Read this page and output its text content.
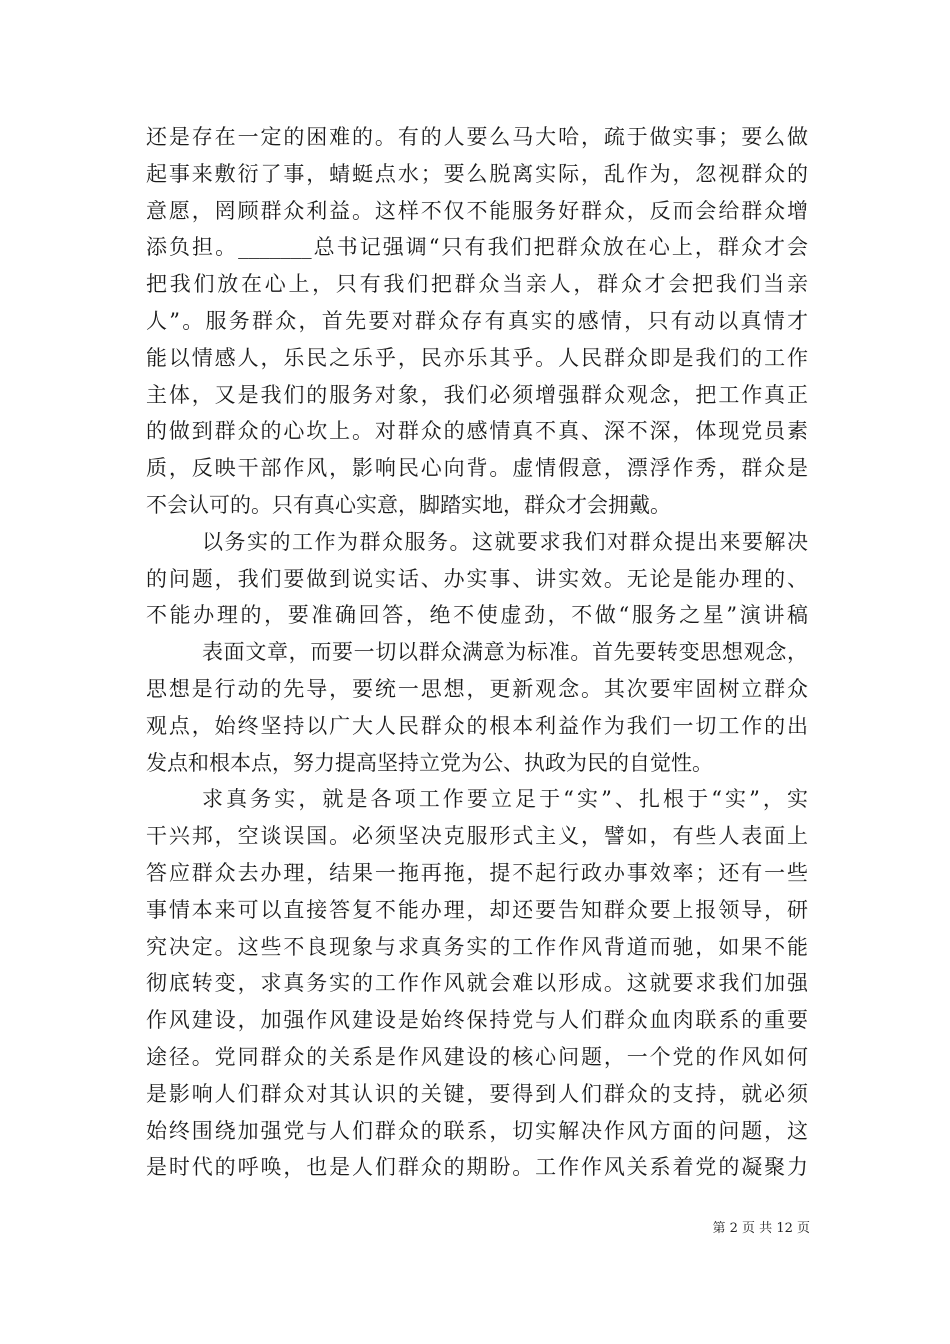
还是存在一定的困难的。有的人要么马大哈，疏于做实事；要么做
起事来敷衍了事，蜻蜓点水；要么脱离实际，乱作为，忽视群众的
意愿，罔顾群众利益。这样不仅不能服务好群众，反而会给群众增
添负担。_______总书记强调“只有我们把群众放在心上，群众才会
把我们放在心上，只有我们把群众当亲人，群众才会把我们当亲
人”。服务群众，首先要对群众存有真实的感情，只有动以真情才
能以情感人，乐民之乐乎，民亦乐其乎。人民群众即是我们的工作
主体，又是我们的服务对象，我们必须增强群众观念，把工作真正
的做到群众的心坎上。对群众的感情真不真、深不深，体现党员素
质，反映干部作风，影响民心向背。虚情假意，漂浮作秀，群众是
不会认可的。只有真心实意，脚踏实地，群众才会拥戴。
以务实的工作为群众服务。这就要求我们对群众提出来要解决
的问题，我们要做到说实话、办实事、讲实效。无论是能办理的、
不能办理的，要准确回答，绝不使虚劲，不做“服务之星”演讲稿
表面文章，而要一切以群众满意为标准。首先要转变思想观念，
思想是行动的先导，要统一思想，更新观念。其次要牢固树立群众
观点，始终坚持以广大人民群众的根本利益作为我们一切工作的出
发点和根本点，努力提高坚持立党为公、执政为民的自觉性。
求真务实，就是各项工作要立足于“实”、扎根于“实”，实
干兴邦，空谈误国。必须坚决克服形式主义，譬如，有些人表面上
答应群众去办理，结果一拖再拖，提不起行政办事效率；还有一些
事情本来可以直接答复不能办理，却还要告知群众要上报领导，研
究决定。这些不良现象与求真务实的工作作风背道而驰，如果不能
彻底转变，求真务实的工作作风就会难以形成。这就要求我们加强
作风建设，加强作风建设是始终保持党与人们群众血肉联系的重要
途径。党同群众的关系是作风建设的核心问题，一个党的作风如何
是影响人们群众对其认识的关键，要得到人们群众的支持，就必须
始终围绕加强党与人们群众的联系，切实解决作风方面的问题，这
是时代的呼唤，也是人们群众的期盼。工作作风关系着党的凝聚力
第 2 页 共 12 页
